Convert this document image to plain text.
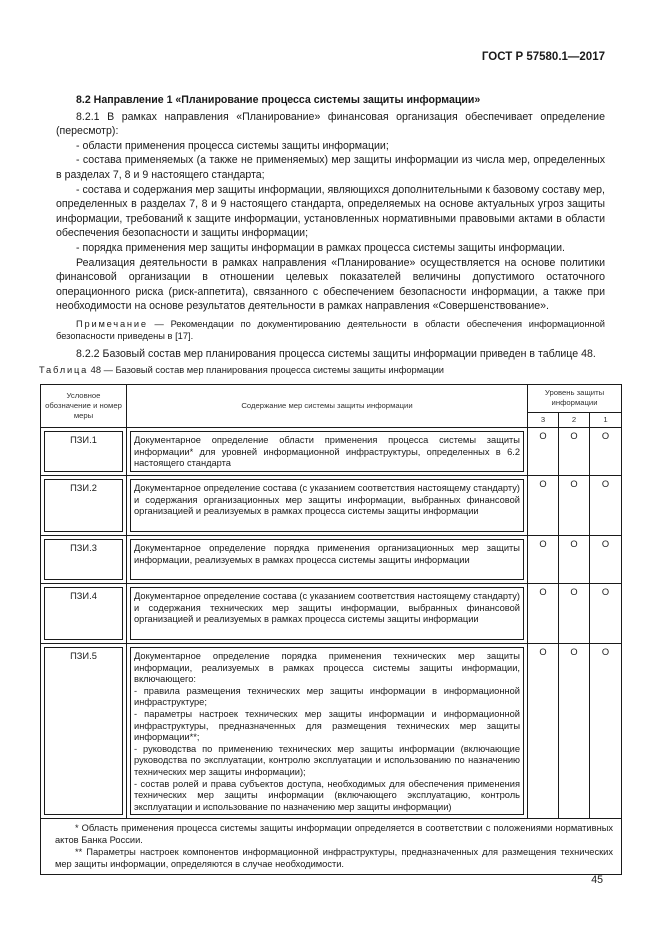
ГОСТ Р 57580.1—2017

8.2 Направление 1 «Планирование процесса системы защиты информации»

8.2.1 В рамках направления «Планирование» финансовая организация обеспечивает определение (пересмотр):

- области применения процесса системы защиты информации;

- состава применяемых (а также не применяемых) мер защиты информации из числа мер, определенных в разделах 7, 8 и 9 настоящего стандарта;

- состава и содержания мер защиты информации, являющихся дополнительными к базовому составу мер, определенных в разделах 7, 8 и 9 настоящего стандарта, определяемых на основе актуальных угроз защиты информации, требований к защите информации, установленных нормативными правовыми актами в области обеспечения безопасности и защиты информации;

- порядка применения мер защиты информации в рамках процесса системы защиты информации.

Реализация деятельности в рамках направления «Планирование» осуществляется на основе политики финансовой организации в отношении целевых показателей величины допустимого остаточного операционного риска (риск-аппетита), связанного с обеспечением безопасности информации, а также при необходимости на основе результатов деятельности в рамках направления «Совершенствование».

Примечание — Рекомендации по документированию деятельности в области обеспечения информационной безопасности приведены в [17].

8.2.2 Базовый состав мер планирования процесса системы защиты информации приведен в таблице 48.

Таблица 48 — Базовый состав мер планирования процесса системы защиты информации
Условное обозначение и номер меры	Содержание мер системы защиты информации	Уровень защиты информации		
		3	2	1

ПЗИ.1	Документарное определение области применения процесса системы защиты информации* для уровней информационной инфраструктуры, определенных в 6.2 настоящего стандарта	О	О	О

ПЗИ.2	Документарное определение состава (с указанием соответствия настоящему стандарту) и содержания организационных мер защиты информации, выбранных финансовой организацией и реализуемых в рамках процесса системы защиты информации	О	О	О

ПЗИ.3	Документарное определение порядка применения организационных мер защиты информации, реализуемых в рамках процесса системы защиты информации	О	О	О

ПЗИ.4	Документарное определение состава (с указанием соответствия настоящему стандарту) и содержания технических мер защиты информации, выбранных финансовой организацией и реализуемых в рамках процесса системы защиты информации	О	О	О

ПЗИ.5	Документарное определение порядка применения технических мер защиты информации, реализуемых в рамках процесса системы защиты информации, включающего:
- правила размещения технических мер защиты информации в информационной инфраструктуре;
- параметры настроек технических мер защиты информации и информационной инфраструктуры, предназначенных для размещения технических мер защиты информации**;
- руководства по применению технических мер защиты информации (включающие руководства по эксплуатации, контролю эксплуатации и использованию по назначению технических мер защиты информации);
- состав ролей и права субъектов доступа, необходимых для обеспечения применения технических мер защиты информации (включающего эксплуатацию, контроль эксплуатации и использование по назначению мер защиты информации)	О	О	О

* Область применения процесса системы защиты информации определяется в соответствии с положениями нормативных актов Банка России.

** Параметры настроек компонентов информационной инфраструктуры, предназначенных для размещения технических мер защиты информации, определяются в случае необходимости.				

45
